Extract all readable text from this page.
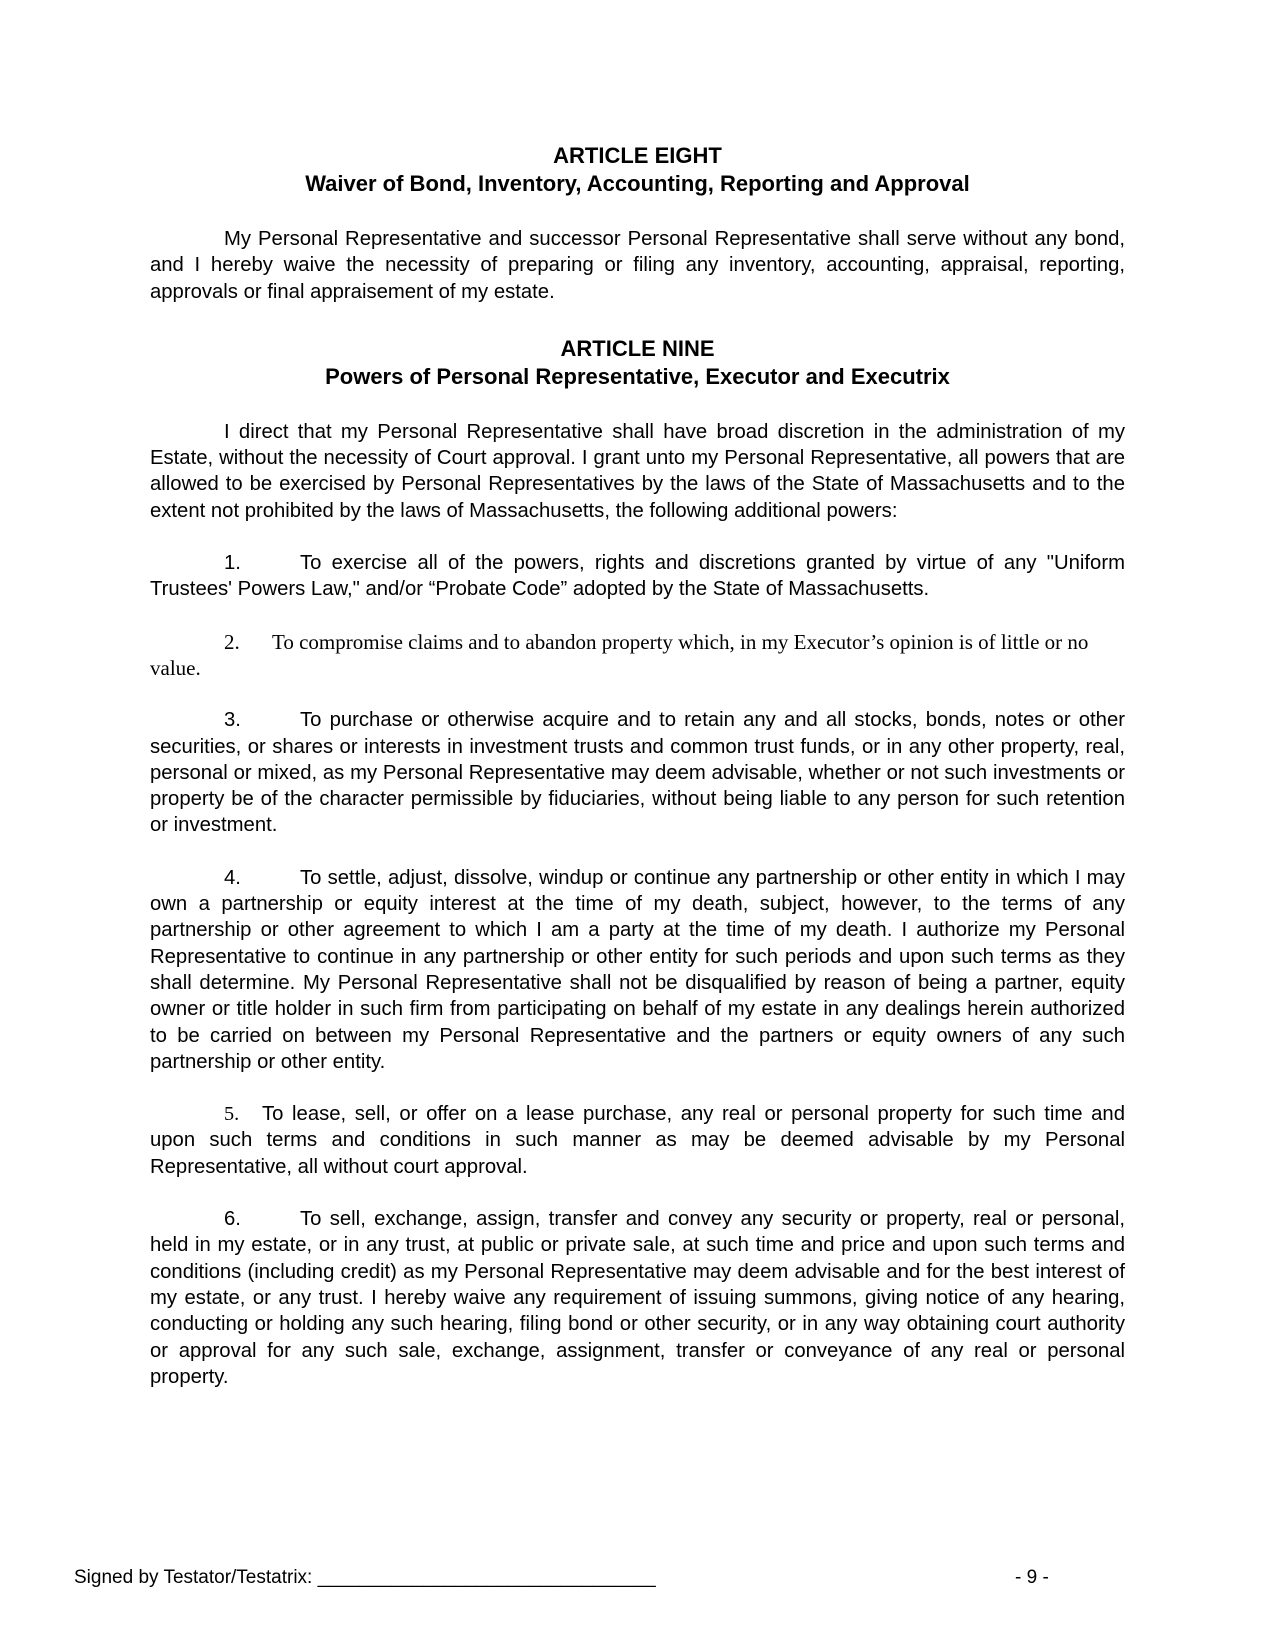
ARTICLE EIGHT
Waiver of Bond, Inventory, Accounting, Reporting and Approval
My Personal Representative and successor Personal Representative shall serve without any bond, and I hereby waive the necessity of preparing or filing any inventory, accounting, appraisal, reporting, approvals or final appraisement of my estate.
ARTICLE NINE
Powers of Personal Representative, Executor and Executrix
I direct that my Personal Representative shall have broad discretion in the administration of my Estate, without the necessity of Court approval. I grant unto my Personal Representative, all powers that are allowed to be exercised by Personal Representatives by the laws of the State of Massachusetts and to the extent not prohibited by the laws of Massachusetts, the following additional powers:
1.	To exercise all of the powers, rights and discretions granted by virtue of any "Uniform Trustees' Powers Law," and/or “Probate Code” adopted by the State of Massachusetts.
2. To compromise claims and to abandon property which, in my Executor’s opinion is of little or no value.
3.	To purchase or otherwise acquire and to retain any and all stocks, bonds, notes or other securities, or shares or interests in investment trusts and common trust funds, or in any other property, real, personal or mixed, as my Personal Representative may deem advisable, whether or not such investments or property be of the character permissible by fiduciaries, without being liable to any person for such retention or investment.
4.	To settle, adjust, dissolve, windup or continue any partnership or other entity in which I may own a partnership or equity interest at the time of my death, subject, however, to the terms of any partnership or other agreement to which I am a party at the time of my death. I authorize my Personal Representative to continue in any partnership or other entity for such periods and upon such terms as they shall determine. My Personal Representative shall not be disqualified by reason of being a partner, equity owner or title holder in such firm from participating on behalf of my estate in any dealings herein authorized to be carried on between my Personal Representative and the partners or equity owners of any such partnership or other entity.
5. To lease, sell, or offer on a lease purchase, any real or personal property for such time and upon such terms and conditions in such manner as may be deemed advisable by my Personal Representative, all without court approval.
6.	To sell, exchange, assign, transfer and convey any security or property, real or personal, held in my estate, or in any trust, at public or private sale, at such time and price and upon such terms and conditions (including credit) as my Personal Representative may deem advisable and for the best interest of my estate, or any trust. I hereby waive any requirement of issuing summons, giving notice of any hearing, conducting or holding any such hearing, filing bond or other security, or in any way obtaining court authority or approval for any such sale, exchange, assignment, transfer or conveyance of any real or personal property.
Signed by Testator/Testatrix: ________________________________	- 9 -
